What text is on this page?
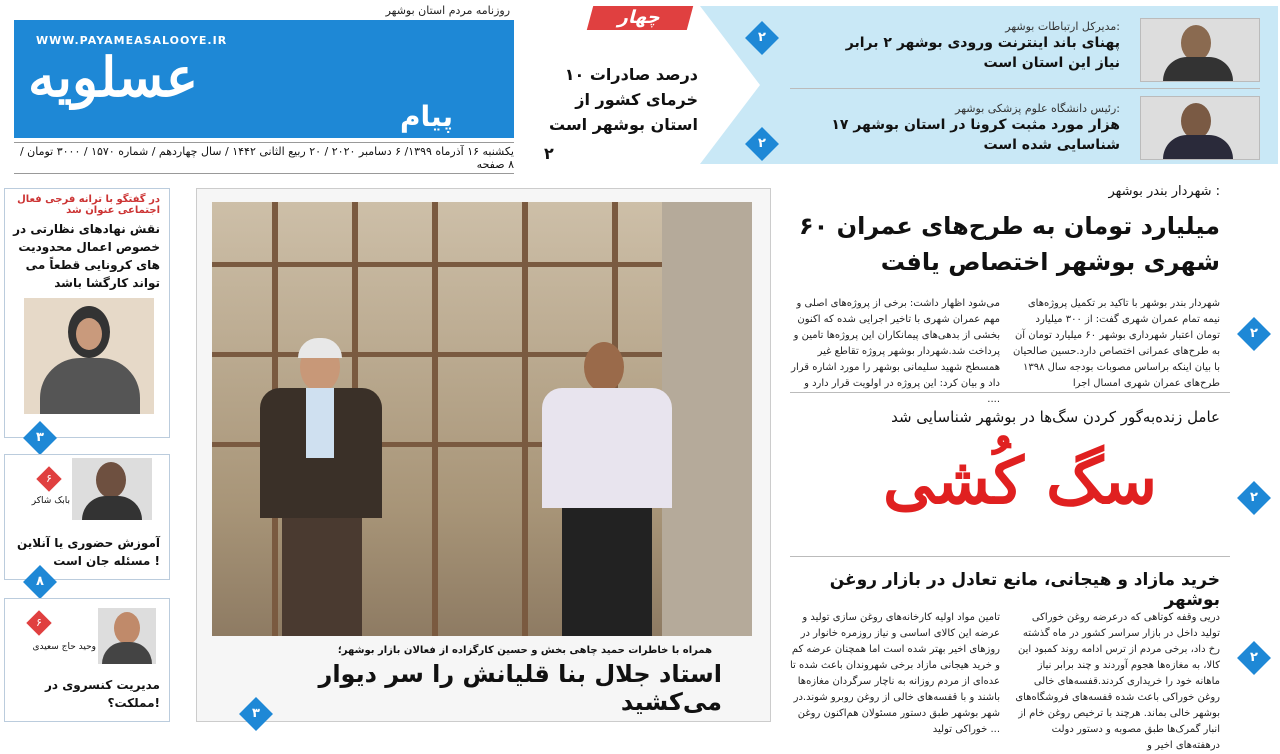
روزنامه مردم استان بوشهر
WWW.PAYAMEASALOOYE.IR
عسلویه
پیام
یکشنبه ۱۶ آذرماه ۱۳۹۹/ ۶ دسامبر ۲۰۲۰ / ۲۰ ربیع الثانی ۱۴۴۲ / سال چهاردهم / شماره ۱۵۷۰ / ۳۰۰۰ تومان / ۸ صفحه
۱۰ درصد صادرات خرمای کشور از استان بوشهر است
۲
چهار	مدیرکل ارتباطات بوشهر:
پهنای باند اینترنت ورودی بوشهر ۲ برابر نیاز این استان است
۲
رئیس دانشگاه علوم پزشکی بوشهر:
۱۷ هزار مورد مثبت کرونا در استان بوشهر شناسایی شده است
۲
در گفتگو با ترانه فرجی فعال اجتماعی عنوان شد
نقش نهادهای نظارتی در خصوص اعمال محدودیت های کرونایی قطعاً می تواند کارگشا باشد
۳
۶
بابک شاکر
آموزش حضوری یا آنلاین مسئله جان است !
۸
۶
وحید حاج سعیدی
مدیریت کنسروی در مملکت؟!
همراه با خاطرات حمید چاهی بخش و حسین کارگزاده از فعالان بازار بوشهر؛
استاد جلال بنا قلیانش را سر دیوار می‌کشید
۳
شهردار بندر بوشهر :
۶۰ میلیارد تومان به طرح‌های عمران شهری بوشهر اختصاص یافت
شهردار بندر بوشهر با تاکید بر تکمیل پروژه‌های نیمه تمام عمران شهری گفت: از ۳۰۰ میلیارد تومان اعتبار شهرداری بوشهر ۶۰ میلیارد تومان آن به طرح‌های عمرانی اختصاص دارد.حسین صالحیان با بیان اینکه براساس مصوبات بودجه سال ۱۳۹۸ طرح‌های عمران شهری امسال اجرا
می‌شود اظهار داشت: برخی از پروژه‌های اصلی و مهم عمران شهری با تاخیر اجرایی شده که اکنون بخشی از بدهی‌های پیمانکاران این پروژه‌ها تامین و پرداخت شد.شهردار بوشهر پروژه تقاطع غیر همسطح شهید سلیمانی بوشهر را مورد اشاره قرار داد و بیان کرد: این پروژه در اولویت قرار دارد و ....
۲
عامل زنده‌به‌گور کردن سگ‌ها در بوشهر شناسایی شد
سگ کُشی	۲
خرید مازاد و هیجانی، مانع تعادل در بازار روغن بوشهر
دریی وقفه کوتاهی که درعرضه روغن خوراکی تولید داخل در بازار سراسر کشور در ماه گذشته رخ داد، برخی مردم از ترس ادامه روند کمبود این کالا، به مغازه‌ها هجوم آوردند و چند برابر نیاز ماهانه خود را خریداری کردند.قفسه‌های خالی روغن خوراکی باعث شده قفسه‌های فروشگاه‌های بوشهر خالی بماند. هرچند با ترخیص روغن خام از انبار گمرک‌ها طبق مصوبه و دستور دولت درهفته‌های اخیر و
تامین مواد اولیه کارخانه‌های روغن سازی تولید و عرضه این کالای اساسی و نیاز روزمره خانوار در روزهای اخیر بهتر شده است اما همچنان عرضه کم و خرید هیجانی مازاد برخی شهروندان باعث شده تا عده‌ای از مردم روزانه به ناچار سرگردان مغازه‌ها باشند و با قفسه‌های خالی از روغن روبرو شوند.در شهر بوشهر طبق دستور مسئولان هم‌اکنون روغن خوراکی تولید ...
۲
